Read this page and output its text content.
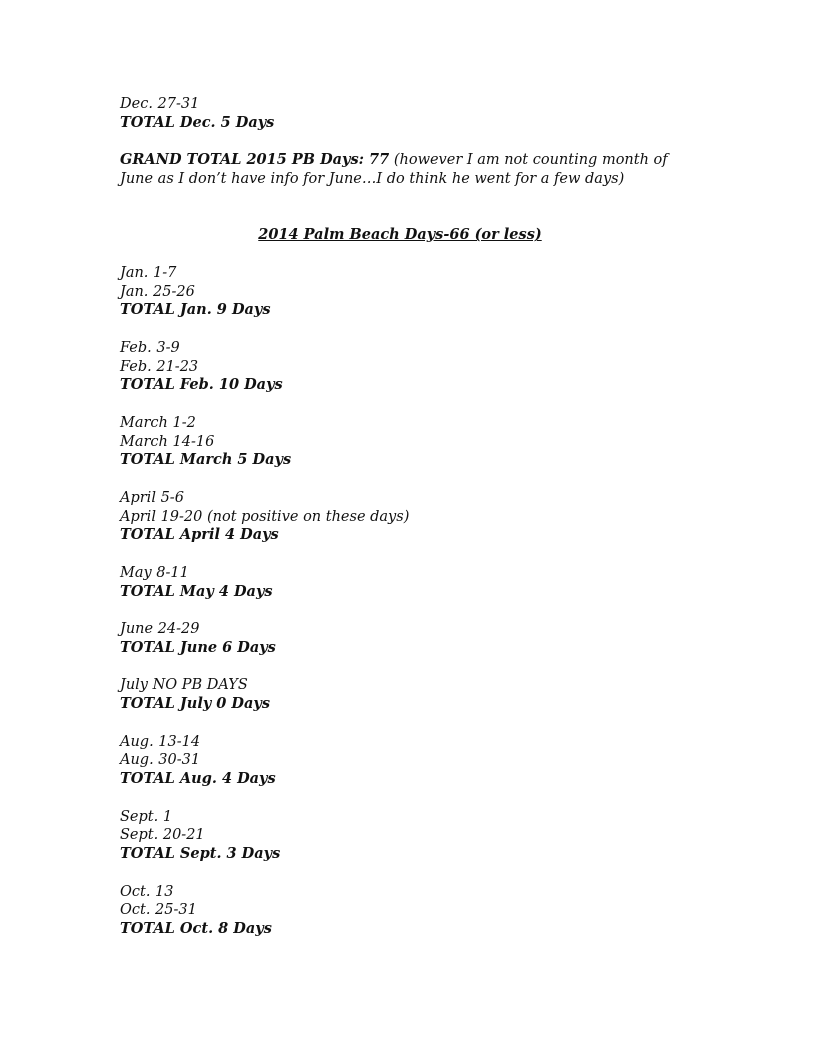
Dec. 27-31
TOTAL Dec. 5 Days
GRAND TOTAL 2015 PB Days: 77 (however I am not counting month of June as I don’t have info for June…I do think he went for a few days)
2014 Palm Beach Days-66 (or less)
Jan. 1-7
Jan. 25-26
TOTAL Jan. 9 Days
Feb. 3-9
Feb. 21-23
TOTAL Feb. 10 Days
March 1-2
March 14-16
TOTAL March 5 Days
April 5-6
April 19-20 (not positive on these days)
TOTAL April 4 Days
May 8-11
TOTAL May 4 Days
June 24-29
TOTAL June 6 Days
July NO PB DAYS
TOTAL July 0 Days
Aug. 13-14
Aug. 30-31
TOTAL Aug. 4 Days
Sept. 1
Sept. 20-21
TOTAL Sept. 3 Days
Oct. 13
Oct. 25-31
TOTAL Oct. 8 Days
